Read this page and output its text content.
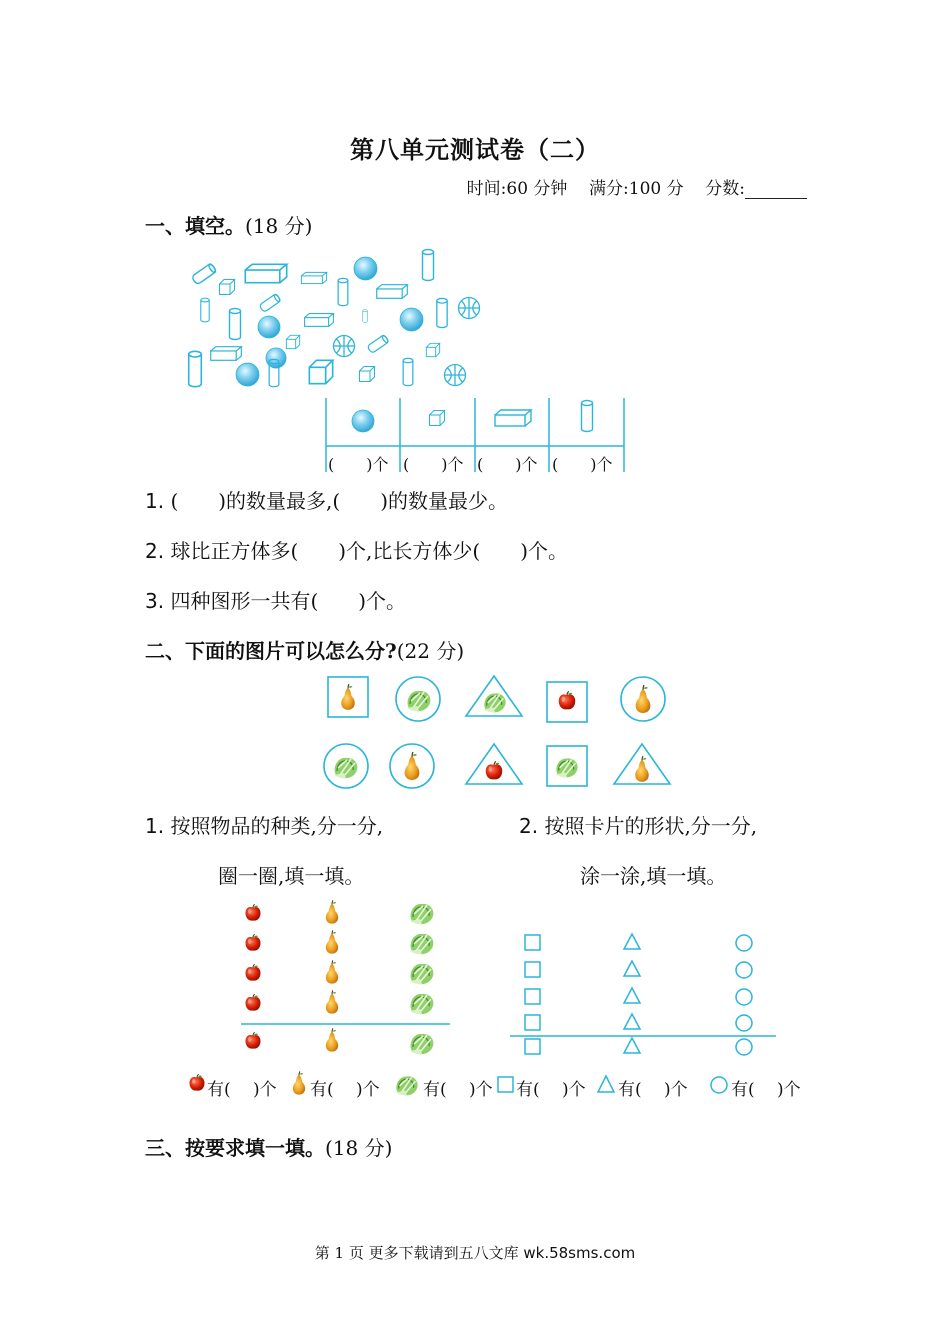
第八单元测试卷（二）
时间:60 分钟 满分:100 分 分数:
一、填空。(18 分)
(　　)个 (　　)个 (　　)个 (　　)个
1. (　　)的数量最多,(　　)的数量最少。
2. 球比正方体多(　　)个,比长方体少(　　)个。
3. 四种图形一共有(　　)个。
二、下面的图片可以怎么分?(22 分)
1. 按照物品的种类,分一分,	2. 按照卡片的形状,分一分,
圈一圈,填一填。	涂一涂,填一填。
有(　 )个 有(　 )个	有(　 )个 有(　 )个 有(　 )个	有(　 )个
三、按要求填一填。(18 分)
第 1 页 更多下载请到五八文库 wk.58sms.com
